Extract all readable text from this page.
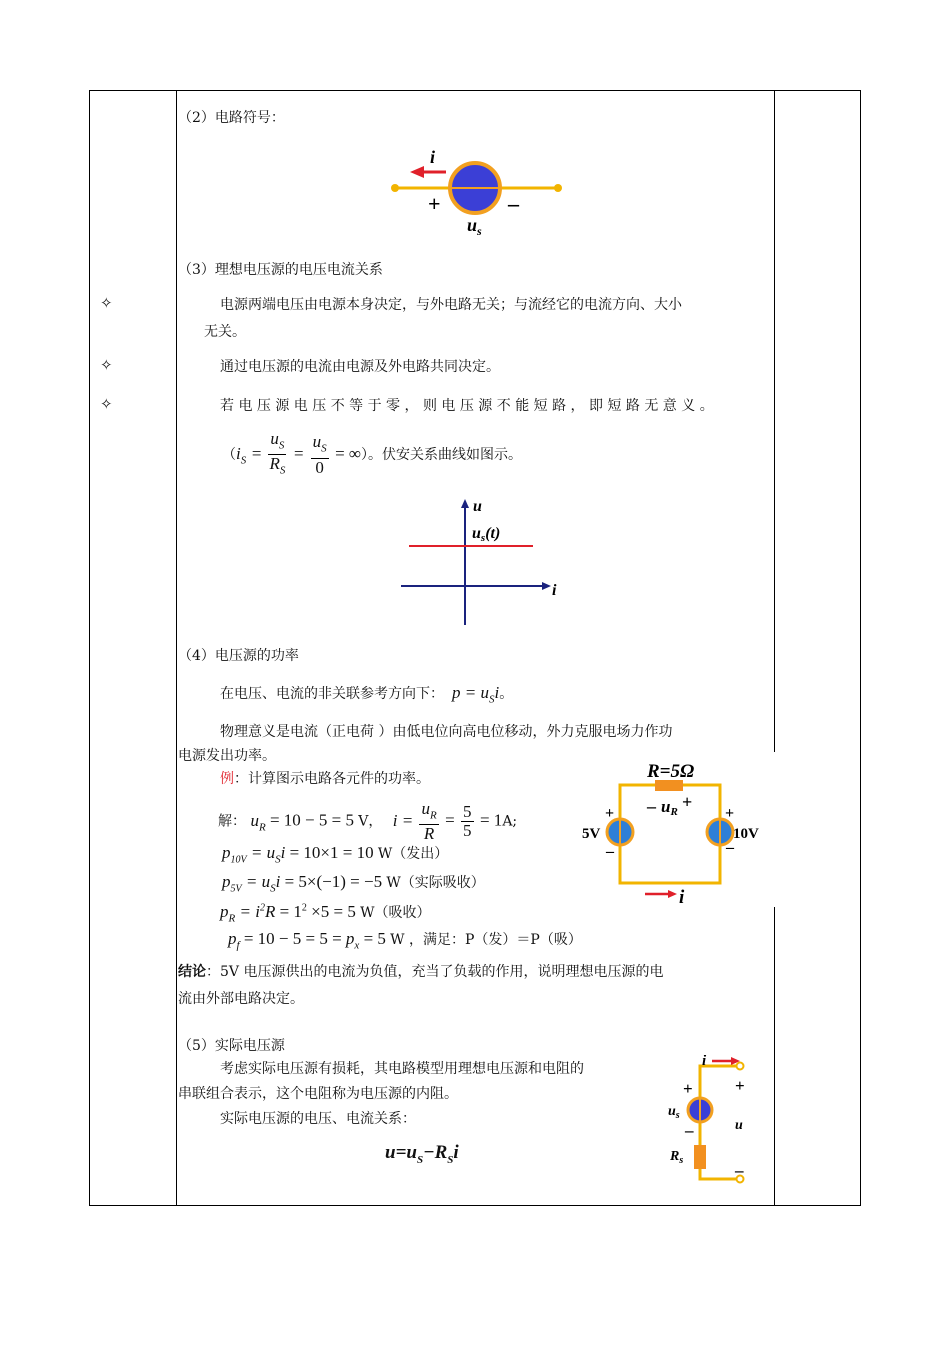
（2）电路符号：
i
+	–
$u_s$
（3）理想电压源的电压电流关系
✧	电源两端电压由电源本身决定，与外电路无关；与流经它的电流方向、大小
无关。
✧	通过电压源的电流由电源及外电路共同决定。
✧	若 电 压 源 电 压 不 等 于 零 ， 则 电 压 源 不 能 短 路 ， 即 短 路 无 意 义 。
（$i_S = \frac{u_S}{R_S} = \frac{u_S}{0}$ = ∞）。伏安关系曲线如图示。
u
i
us(t)
（4）电压源的功率
在电压、电流的非关联参考方向下： $p = u_Si$。
物理意义是电流（正电荷 ）由低电位向高电位移动，外力克服电场力作功
电源发出功率。
例：计算图示电路各元件的功率。
解： $u_R = 10 - 5 = 5$ V， $i = \frac{u_R}{R} = \frac{5}{5} = 1A$;
$p_{10V} = u_Si = 10\times 1 = 10$ W（发出）
$p_{5V} = u_Si = 5\times(-1) = -5$ W（实际吸收）
$p_R = i^2R = 1^2 \times 5 = 5$ W（吸收）
$p_f = 10 - 5 = 5 = p_x = 5$ W ，满足：P（发）＝P（吸）
结论：5V 电压源供出的电流为负值，充当了负载的作用，说明理想电压源的电
流由外部电路决定。
R=5Ω
– uR +
+
5V
–
+
10V
–
i
（5）实际电压源
考虑实际电压源有损耗，其电路模型用理想电压源和电阻的
串联组合表示，这个电阻称为电压源的内阻。
实际电压源的电压、电流关系：
$u=u_S-R_Si$
i
+ +
$u_s$
–	u
$R_s$
–
